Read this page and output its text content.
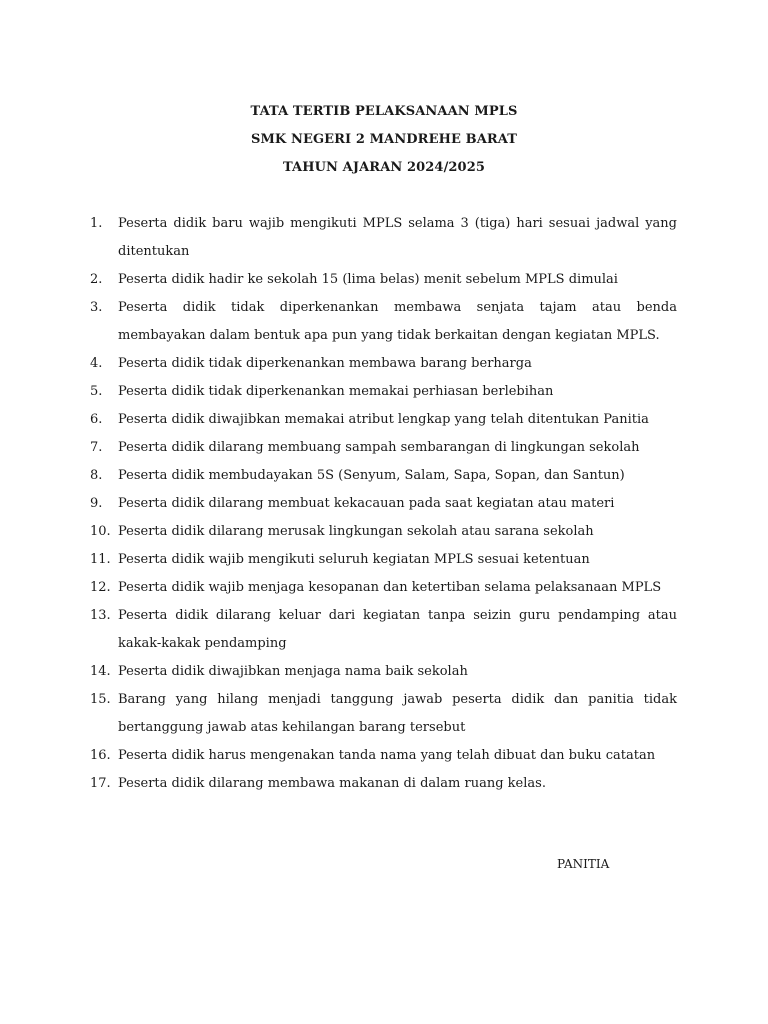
TATA TERTIB PELAKSANAAN MPLS
SMK NEGERI 2 MANDREHE BARAT
TAHUN AJARAN 2024/2025
1. Peserta didik baru wajib mengikuti MPLS selama 3 (tiga) hari sesuai jadwal yang ditentukan
2. Peserta didik hadir ke sekolah 15 (lima belas) menit sebelum MPLS dimulai
3. Peserta didik tidak diperkenankan membawa senjata tajam atau benda membayakan dalam bentuk apa pun yang tidak berkaitan dengan kegiatan MPLS.
4. Peserta didik tidak diperkenankan membawa barang berharga
5. Peserta didik tidak diperkenankan memakai perhiasan berlebihan
6. Peserta didik diwajibkan memakai atribut lengkap yang telah ditentukan Panitia
7. Peserta didik dilarang membuang sampah sembarangan di lingkungan sekolah
8. Peserta didik membudayakan 5S (Senyum, Salam, Sapa, Sopan, dan Santun)
9. Peserta didik dilarang membuat kekacauan pada saat kegiatan atau materi
10. Peserta didik dilarang merusak lingkungan sekolah atau sarana sekolah
11. Peserta didik wajib mengikuti seluruh kegiatan MPLS sesuai ketentuan
12. Peserta didik wajib menjaga kesopanan dan ketertiban selama pelaksanaan MPLS
13. Peserta didik dilarang keluar dari kegiatan tanpa seizin guru pendamping atau kakak-kakak pendamping
14. Peserta didik diwajibkan menjaga nama baik sekolah
15. Barang yang hilang menjadi tanggung jawab peserta didik dan panitia tidak bertanggung jawab atas kehilangan barang tersebut
16. Peserta didik harus mengenakan tanda nama yang telah dibuat dan buku catatan
17. Peserta didik dilarang membawa makanan di dalam ruang kelas.
PANITIA
